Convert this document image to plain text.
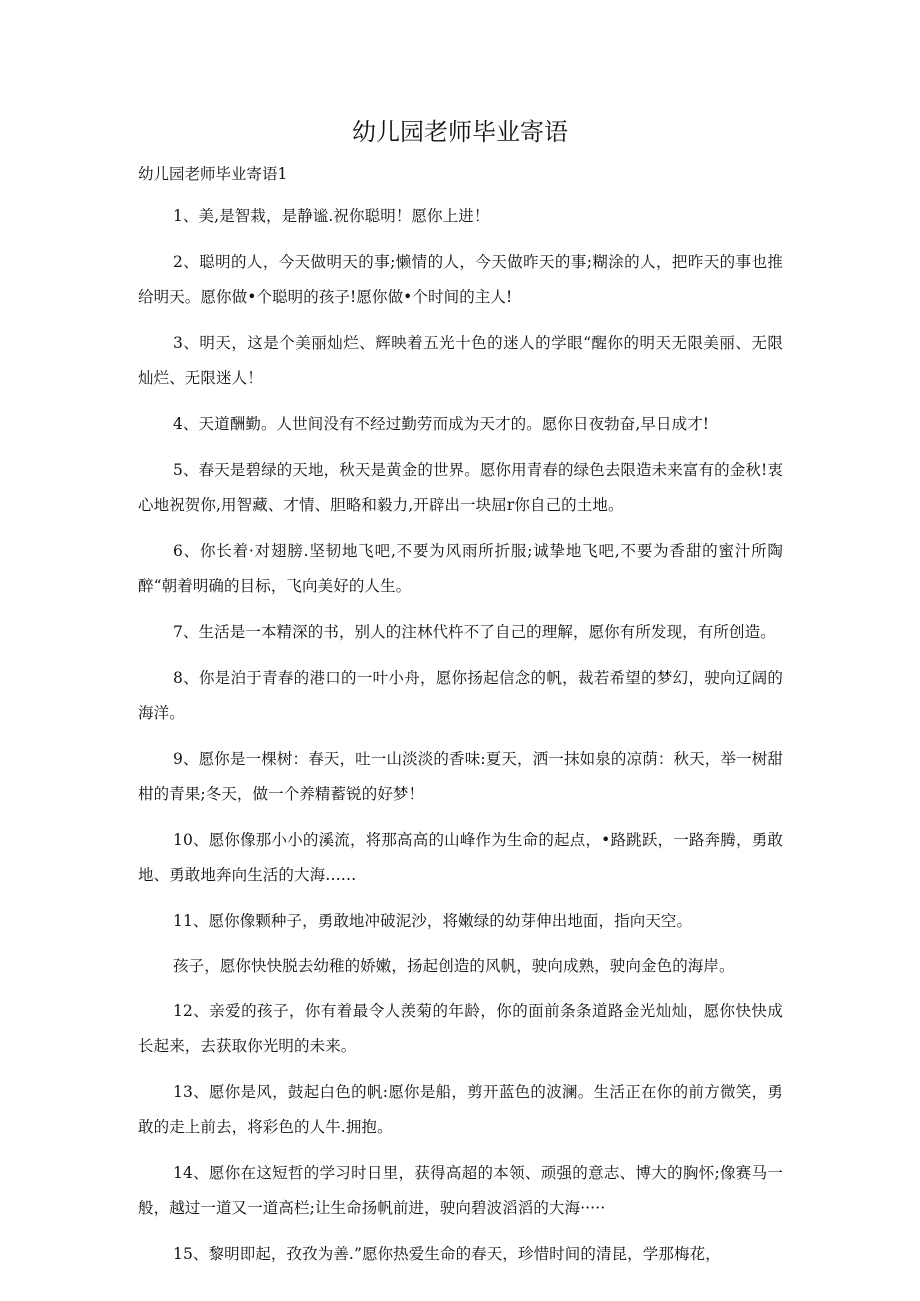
幼儿园老师毕业寄语

幼儿园老师毕业寄语1

1、美,是智栽，是静谧.祝你聪明！愿你上进！

2、聪明的人，今天做明天的事;懒情的人，今天做昨天的事;糊涂的人，把昨天的事也推给明天。愿你做•个聪明的孩子!愿你做•个时间的主人!

3、明天，这是个美丽灿烂、辉映着五光十色的迷人的学眼“醒你的明天无限美丽、无限灿烂、无限迷人！

4、天道酬勤。人世间没有不经过勤劳而成为天才的。愿你日夜勃奋,早日成才!

5、春天是碧绿的天地，秋天是黄金的世界。愿你用青春的绿色去限造未来富有的金秋!衷心地祝贺你,用智藏、才情、胆略和毅力,开辟出一块屈r你自己的土地。

6、你长着·对翅膀.坚韧地飞吧,不要为风雨所折服;诚挚地飞吧,不要为香甜的蜜汁所陶醉“朝着明确的目标，飞向美好的人生。

7、生活是一本精深的书，别人的注林代杵不了自己的理解，愿你有所发现，有所创造。

8、你是泊于青春的港口的一叶小舟，愿你扬起信念的帆，裁若希望的梦幻，驶向辽阔的海洋。

9、愿你是一棵树：春天，吐一山淡淡的香味:夏天，洒一抹如泉的凉荫：秋天，举一树甜柑的青果;冬天，做一个养精蓄锐的好梦！

10、愿你像那小小的溪流，将那高高的山峰作为生命的起点，•路跳跃，一路奔腾，勇敢地、勇敢地奔向生活的大海……

11、愿你像颗种子，勇敢地冲破泥沙，将嫩绿的幼芽伸出地面，指向天空。

孩子，愿你快快脱去幼稚的娇嫩，扬起创造的风帆，驶向成熟，驶向金色的海岸。

12、亲爱的孩子，你有着最令人羡菊的年龄，你的面前条条道路金光灿灿，愿你快快成长起来，去获取你光明的未来。

13、愿你是风，鼓起白色的帆:愿你是船，剪开蓝色的波澜。生活正在你的前方微笑，勇敢的走上前去，将彩色的人牛.拥抱。

14、愿你在这短哲的学习时日里，获得高超的本领、顽强的意志、博大的胸怀;像赛马一般，越过一道又一道高栏;让生命扬帆前进，驶向碧波滔滔的大海·····

15、黎明即起，孜孜为善.”愿你热爱生命的春天，珍惜时间的清昆，学那梅花，
